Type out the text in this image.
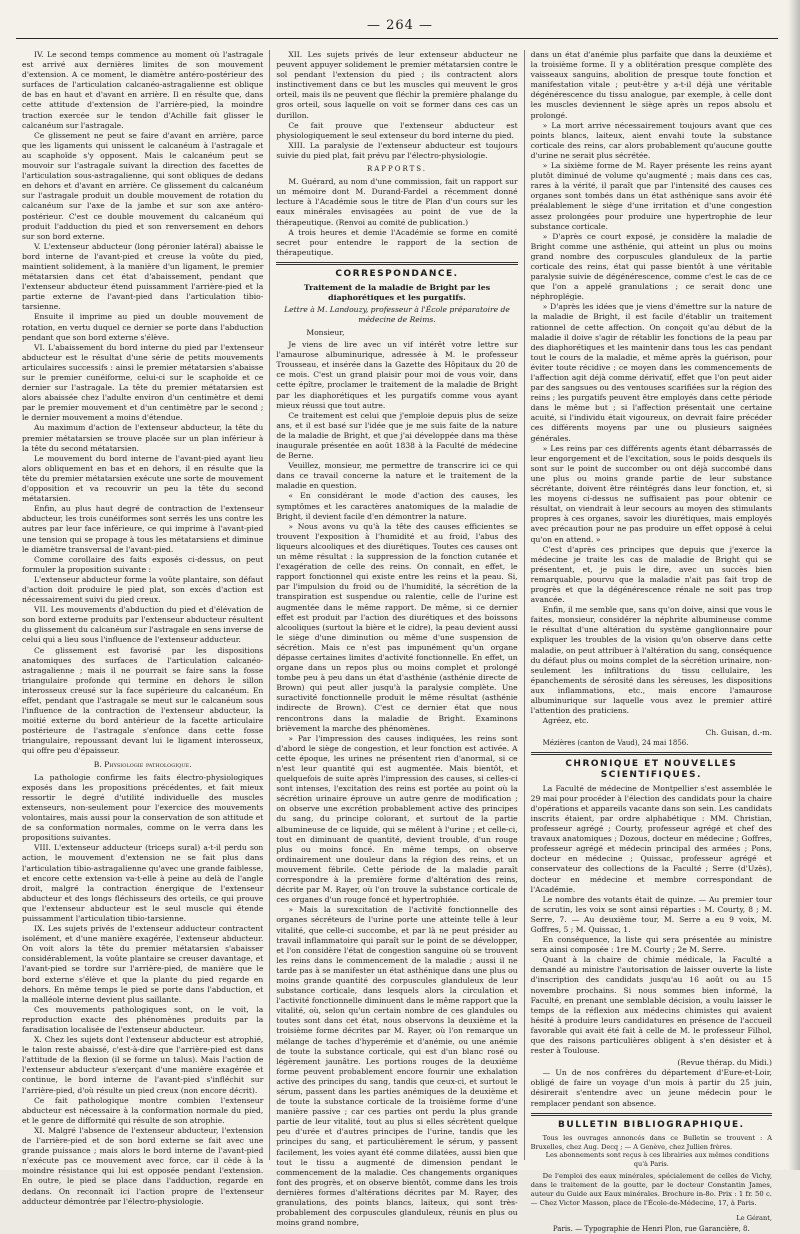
— 264 —

IV. Le second temps commence au moment où l'astragale est arrivé aux dernières limites de son mouvement d'extension. A ce moment, le diamètre antéro-postérieur des surfaces de l'articulation calcanéo-astragalienne est oblique de bas en haut et d'avant en arrière. Il en résulte que, dans cette attitude d'extension de l'arrière-pied, la moindre traction exercée sur le tendon d'Achille fait glisser le calcanéum sur l'astragale.

Ce glissement ne peut se faire d'avant en arrière, parce que les ligaments qui unissent le calcanéum à l'astragale et au scaphoïde s'y opposent. Mais le calcanéum peut se mouvoir sur l'astragale suivant la direction des facettes de l'articulation sous-astragalienne, qui sont obliques de dedans en dehors et d'avant en arrière. Ce glissement du calcanéum sur l'astragale produit un double mouvement de rotation du calcanéum sur l'axe de la jambe et sur son axe antéro-postérieur. C'est ce double mouvement du calcanéum qui produit l'adduction du pied et son renversement en dehors sur son bord externe.

V. L'extenseur abducteur (long péronier latéral) abaisse le bord interne de l'avant-pied et creuse la voûte du pied, maintient solidement, à la manière d'un ligament, le premier métatarsien dans cet état d'abaissement, pendant que l'extenseur abducteur étend puissamment l'arrière-pied et la partie externe de l'avant-pied dans l'articulation tibio-tarsienne.

Ensuite il imprime au pied un double mouvement de rotation, en vertu duquel ce dernier se porte dans l'abduction pendant que son bord externe s'élève.

VI. L'abaissement du bord interne du pied par l'extenseur abducteur est le résultat d'une série de petits mouvements articulaires successifs : ainsi le premier métatarsien s'abaisse sur le premier cunéiforme, celui-ci sur le scaphoïde et ce dernier sur l'astragale. La tête du premier métatarsien est alors abaissée chez l'adulte environ d'un centimètre et demi par le premier mouvement et d'un centimètre par le second ; le dernier mouvement a moins d'étendue.

Au maximum d'action de l'extenseur abducteur, la tête du premier métatarsien se trouve placée sur un plan inférieur à la tête du second métatarsien.

Le mouvement du bord interne de l'avant-pied ayant lieu alors obliquement en bas et en dehors, il en résulte que la tête du premier métatarsien exécute une sorte de mouvement d'opposition et va recouvrir un peu la tête du second métatarsien.

Enfin, au plus haut degré de contraction de l'extenseur abducteur, les trois cunéiformes sont serrés les uns contre les autres par leur face inférieure, ce qui imprime à l'avant-pied une tension qui se propage à tous les métatarsiens et diminue le diamètre transversal de l'avant-pied.

Comme corollaire des faits exposés ci-dessus, on peut formuler la proposition suivante :

L'extenseur abducteur forme la voûte plantaire, son défaut d'action doit produire le pied plat, son excès d'action est nécessairement suivi du pied creux.

VII. Les mouvements d'abduction du pied et d'élévation de son bord externe produits par l'extenseur abducteur résultent du glissement du calcanéum sur l'astragale en sens inverse de celui qui a lieu sous l'influence de l'extenseur adducteur.

Ce glissement est favorisé par les dispositions anatomiques des surfaces de l'articulation calcanéo-astragalienne ; mais il ne pourrait se faire sans la fosse triangulaire profonde qui termine en dehors le sillon interosseux creusé sur la face supérieure du calcanéum. En effet, pendant que l'astragale se meut sur le calcanéum sous l'influence de la contraction de l'extenseur abducteur, la moitié externe du bord antérieur de la facette articulaire postérieure de l'astragale s'enfonce dans cette fosse triangulaire, repoussant devant lui le ligament interosseux, qui offre peu d'épaisseur.

B. Physiologie pathologique.

La pathologie confirme les faits électro-physiologiques exposés dans les propositions précédentes, et fait mieux ressortir le degré d'utilité individuelle des muscles extenseurs, non-seulement pour l'exercice des mouvements volontaires, mais aussi pour la conservation de son attitude et de sa conformation normales, comme on le verra dans les propositions suivantes.

VIII. L'extenseur adducteur (triceps sural) a-t-il perdu son action, le mouvement d'extension ne se fait plus dans l'articulation tibio-astragalienne qu'avec une grande faiblesse, et encore cette extension va-t-elle à peine au delà de l'angle droit, malgré la contraction énergique de l'extenseur abducteur et des longs fléchisseurs des orteils, ce qui prouve que l'extenseur abducteur est le seul muscle qui étende puissamment l'articulation tibio-tarsienne.

IX. Les sujets privés de l'extenseur adducteur contractent isolément, et d'une manière exagérée, l'extenseur abducteur. On voit alors la tête du premier métatarsien s'abaisser considérablement, la voûte plantaire se creuser davantage, et l'avant-pied se tordre sur l'arrière-pied, de manière que le bord externe s'élève et que la plante du pied regarde en dehors. En même temps le pied se porte dans l'abduction, et la malléole interne devient plus saillante.

Ces mouvements pathologiques sont, on le voit, la reproduction exacte des phénomènes produits par la faradisation localisée de l'extenseur abducteur.

X. Chez les sujets dont l'extenseur abducteur est atrophié, le talon reste abaissé, c'est-à-dire que l'arrière-pied est dans l'attitude de la flexion (il se forme un talus). Mais l'action de l'extenseur abducteur s'exerçant d'une manière exagérée et continue, le bord interne de l'avant-pied s'infléchit sur l'arrière-pied, d'où résulte un pied creux (non encore décrit).

Ce fait pathologique montre combien l'extenseur abducteur est nécessaire à la conformation normale du pied, et le genre de difformité qui résulte de son atrophie.

XI. Malgré l'absence de l'extenseur abducteur, l'extension de l'arrière-pied et de son bord externe se fait avec une grande puissance ; mais alors le bord interne de l'avant-pied n'exécute pas ce mouvement avec force, car il cède à la moindre résistance qui lui est opposée pendant l'extension. En outre, le pied se place dans l'adduction, regarde en dedans. On reconnaît ici l'action propre de l'extenseur adducteur démontrée par l'électro-physiologie.

XII. Les sujets privés de leur extenseur abducteur ne peuvent appuyer solidement le premier métatarsien contre le sol pendant l'extension du pied ; ils contractent alors instinctivement dans ce but les muscles qui meuvent le gros orteil, mais ils ne peuvent que fléchir la première phalange du gros orteil, sous laquelle on voit se former dans ces cas un durillon.

Ce fait prouve que l'extenseur abducteur est physiologiquement le seul extenseur du bord interne du pied.

XIII. La paralysie de l'extenseur abducteur est toujours suivie du pied plat, fait prévu par l'électro-physiologie.

RAPPORTS.

M. Guérard, au nom d'une commission, fait un rapport sur un mémoire dont M. Durand-Fardel a récemment donné lecture à l'Académie sous le titre de Plan d'un cours sur les eaux minérales envisagées au point de vue de la thérapeutique. (Renvoi au comité de publication.)

A trois heures et demie l'Académie se forme en comité secret pour entendre le rapport de la section de thérapeutique.

CORRESPONDANCE.
Traitement de la maladie de Bright par les diaphorétiques et les purgatifs.
Lettre à M. Landouzy, professeur à l'École préparatoire de médecine de Reims.

Monsieur,

Je viens de lire avec un vif intérêt votre lettre sur l'amaurose albuminurique, adressée à M. le professeur Trousseau, et insérée dans la Gazette des Hôpitaux du 20 de ce mois. C'est un grand plaisir pour moi de vous voir, dans cette épître, proclamer le traitement de la maladie de Bright par les diaphorétiques et les purgatifs comme vous ayant mieux réussi que tout autre.

Ce traitement est celui que j'emploie depuis plus de seize ans, et il est basé sur l'idée que je me suis faite de la nature de la maladie de Bright, et que j'ai développée dans ma thèse inaugurale présentée en août 1838 à la Faculté de médecine de Berne.

Veuillez, monsieur, me permettre de transcrire ici ce qui dans ce travail concerne la nature et le traitement de la maladie en question.

« En considérant le mode d'action des causes, les symptômes et les caractères anatomiques de la maladie de Bright, il devient facile d'en démontrer la nature.

» Nous avons vu qu'à la tête des causes efficientes se trouvent l'exposition à l'humidité et au froid, l'abus des liqueurs alcooliques et des diurétiques. Toutes ces causes ont un même résultat : la suppression de la fonction cutanée et l'exagération de celle des reins. On connaît, en effet, le rapport fonctionnel qui existe entre les reins et la peau. Si, par l'impulsion du froid ou de l'humidité, la sécrétion de la transpiration est suspendue ou ralentie, celle de l'urine est augmentée dans le même rapport. De même, si ce dernier effet est produit par l'action des diurétiques et des boissons alcooliques (surtout la bière et le cidre), la peau devient aussi le siège d'une diminution ou même d'une suspension de sécrétion. Mais ce n'est pas impunément qu'un organe dépasse certaines limites d'activité fonctionnelle. En effet, un organe dans un repos plus ou moins complet et prolongé tombe peu à peu dans un état d'asthénie (asthénie directe de Brown) qui peut aller jusqu'à la paralysie complète. Une suractivité fonctionnelle produit le même résultat (asthénie indirecte de Brown). C'est ce dernier état que nous rencontrons dans la maladie de Bright. Examinons brièvement la marche des phénomènes.

» Par l'impression des causes indiquées, les reins sont d'abord le siège de congestion, et leur fonction est activée. A cette époque, les urines ne présentent rien d'anormal, si ce n'est leur quantité qui est augmentée. Mais bientôt, et quelquefois de suite après l'impression des causes, si celles-ci sont intenses, l'excitation des reins est portée au point où la sécrétion urinaire éprouve un autre genre de modification ; on observe une excrétion probablement active des principes du sang, du principe colorant, et surtout de la partie albumineuse de ce liquide, qui se mêlent à l'urine ; et celle-ci, tout en diminuant de quantité, devient trouble, d'un rouge plus ou moins foncé. En même temps, on observe ordinairement une douleur dans la région des reins, et un mouvement fébrile. Cette période de la maladie paraît correspondre à la première forme d'altération des reins, décrite par M. Rayer, où l'on trouve la substance corticale de ces organes d'un rouge foncé et hypertrophiée.

» Mais la surexcitation de l'activité fonctionnelle des organes sécréteurs de l'urine porte une atteinte telle à leur vitalité, que celle-ci succombe, et par là ne peut présider au travail inflammatoire qui paraît sur le point de se développer, et l'on considère l'état de congestion sanguine où se trouvent les reins dans le commencement de la maladie ; aussi il ne tarde pas à se manifester un état asthénique dans une plus ou moins grande quantité des corpuscules glanduleux de leur substance corticale, dans lesquels alors la circulation et l'activité fonctionnelle diminuent dans le même rapport que la vitalité, où, selon qu'un certain nombre de ces glandules ou toutes sont dans cet état, nous observons la deuxième et la troisième forme décrites par M. Rayer, où l'on remarque un mélange de taches d'hyperémie et d'anémie, ou une anémie de toute la substance corticale, qui est d'un blanc rosé ou légèrement jaunâtre. Les portions rouges de la deuxième forme peuvent probablement encore fournir une exhalation active des principes du sang, tandis que ceux-ci, et surtout le sérum, passent dans les parties anémiques de la deuxième et de toute la substance corticale de la troisième forme d'une manière passive ; car ces parties ont perdu la plus grande partie de leur vitalité, tout au plus si elles sécrètent quelque peu d'urée et d'autres principes de l'urine, tandis que les principes du sang, et particulièrement le sérum, y passent facilement, les voies ayant été comme dilatées, aussi bien que tout le tissu a augmenté de dimension pendant le commencement de la maladie. Ces changements organiques font des progrès, et on observe bientôt, comme dans les trois dernières formes d'altérations décrites par M. Rayer, des granulations, des points blancs, laiteux, qui sont très-probablement des corpuscules glanduleux, réunis en plus ou moins grand nombre,

dans un état d'anémie plus parfaite que dans la deuxième et la troisième forme. Il y a oblitération presque complète des vaisseaux sanguins, abolition de presque toute fonction et manifestation vitale ; peut-être y a-t-il déjà une véritable dégénérescence du tissu analogue, par exemple, à celle dont les muscles deviennent le siège après un repos absolu et prolongé.

» La mort arrive nécessairement toujours avant que ces points blancs, laiteux, aient envahi toute la substance corticale des reins, car alors probablement qu'aucune goutte d'urine ne serait plus sécrétée.

» La sixième forme de M. Rayer présente les reins ayant plutôt diminué de volume qu'augmenté ; mais dans ces cas, rares à la vérité, il paraît que par l'intensité des causes ces organes sont tombés dans un état asthénique sans avoir été préalablement le siège d'une irritation et d'une congestion assez prolongées pour produire une hypertrophie de leur substance corticale.

» D'après ce court exposé, je considère la maladie de Bright comme une asthénie, qui atteint un plus ou moins grand nombre des corpuscules glanduleux de la partie corticale des reins, état qui passe bientôt à une véritable paralysie suivie de dégénérescence, comme c'est le cas de ce que l'on a appelé granulations ; ce serait donc une néphroplégie.

» D'après les idées que je viens d'émettre sur la nature de la maladie de Bright, il est facile d'établir un traitement rationnel de cette affection. On conçoit qu'au début de la maladie il doive s'agir de rétablir les fonctions de la peau par des diaphorétiques et les maintenir dans tous les cas pendant tout le cours de la maladie, et même après la guérison, pour éviter toute récidive ; ce moyen dans les commencements de l'affection agit déjà comme dérivatif, effet que l'on peut aider par des sangsues ou des ventouses scarifiées sur la région des reins ; les purgatifs peuvent être employés dans cette période dans le même but ; si l'affection présentait une certaine acuité, si l'individu était vigoureux, on devrait faire précéder ces différents moyens par une ou plusieurs saignées générales.

» Les reins par ces différents agents étant débarrassés de leur engorgement et de l'excitation, sous le poids desquels ils sont sur le point de succomber ou ont déjà succombé dans une plus ou moins grande partie de leur substance sécrétante, doivent être réintégrés dans leur fonction, et, si les moyens ci-dessus ne suffisaient pas pour obtenir ce résultat, on viendrait à leur secours au moyen des stimulants propres à ces organes, savoir les diurétiques, mais employés avec précaution pour ne pas produire un effet opposé à celui qu'on en attend. »

C'est d'après ces principes que depuis que j'exerce la médecine je traite les cas de maladie de Bright qui se présentent, et, je puis le dire, avec un succès bien remarquable, pourvu que la maladie n'ait pas fait trop de progrès et que la dégénérescence rénale ne soit pas trop avancée.

Enfin, il me semble que, sans qu'on doive, ainsi que vous le faites, monsieur, considérer la néphrite albumineuse comme le résultat d'une altération du système ganglionnaire pour expliquer les troubles de la vision qu'on observe dans cette maladie, on peut attribuer à l'altération du sang, conséquence du défaut plus ou moins complet de la sécrétion urinaire, non-seulement les infiltrations du tissu cellulaire, les épanchements de sérosité dans les séreuses, les dispositions aux inflammations, etc., mais encore l'amaurose albuminurique sur laquelle vous avez le premier attiré l'attention des praticiens.

Agréez, etc.

Ch. Guisan, d.-m.

Mézières (canton de Vaud), 24 mai 1856.

CHRONIQUE ET NOUVELLES SCIENTIFIQUES.

La Faculté de médecine de Montpellier s'est assemblée le 29 mai pour procéder à l'élection des candidats pour la chaire d'opérations et appareils vacante dans son sein. Les candidats inscrits étaient, par ordre alphabétique : MM. Christian, professeur agrégé ; Courty, professeur agrégé et chef des travaux anatomiques ; Dozous, docteur en médecine ; Goffres, professeur agrégé et médecin principal des armées ; Pons, docteur en médecine ; Quissac, professeur agrégé et conservateur des collections de la Faculté ; Serre (d'Uzès), docteur en médecine et membre correspondant de l'Académie.

Le nombre des votants était de quinze. — Au premier tour de scrutin, les voix se sont ainsi réparties : M. Courty, 8 ; M. Serre, 7. — Au deuxième tour, M. Serre a eu 9 voix, M. Goffres, 5 ; M. Quissac, 1.

En conséquence, la liste qui sera présentée au ministre sera ainsi composée : 1re M. Courty ; 2e M. Serre.

Quant à la chaire de chimie médicale, la Faculté a demandé au ministre l'autorisation de laisser ouverte la liste d'inscription des candidats jusqu'au 16 août ou au 15 novembre prochains. Si nous sommes bien informé, la Faculté, en prenant une semblable décision, a voulu laisser le temps de la réflexion aux médecins chimistes qui avaient hésité à produire leurs candidatures en présence de l'accueil favorable qui avait été fait à celle de M. le professeur Filhol, que des raisons particulières obligent à s'en désister et à rester à Toulouse.

(Revue thérap. du Midi.)

— Un de nos confrères du département d'Eure-et-Loir, obligé de faire un voyage d'un mois à partir du 25 juin, désirerait s'entendre avec un jeune médecin pour le remplacer pendant son absence.

BULLETIN BIBLIOGRAPHIQUE.

Tous les ouvrages annoncés dans ce Bulletin se trouvent : A Bruxelles, chez Aug. Decq ; — A Genève, chez Jullien frères.

Les abonnements sont reçus à ces librairies aux mêmes conditions qu'à Paris.

De l'emploi des eaux minérales, spécialement de celles de Vichy, dans le traitement de la goutte, par le docteur Constantin James, auteur du Guide aux Eaux minérales. Brochure in-8o. Prix : 1 fr. 50 c. — Chez Victor Masson, place de l'École-de-Médecine, 17, à Paris.

Le Gérant,
Paris. — Typographie de Henri Plon, rue Garancière, 8.
